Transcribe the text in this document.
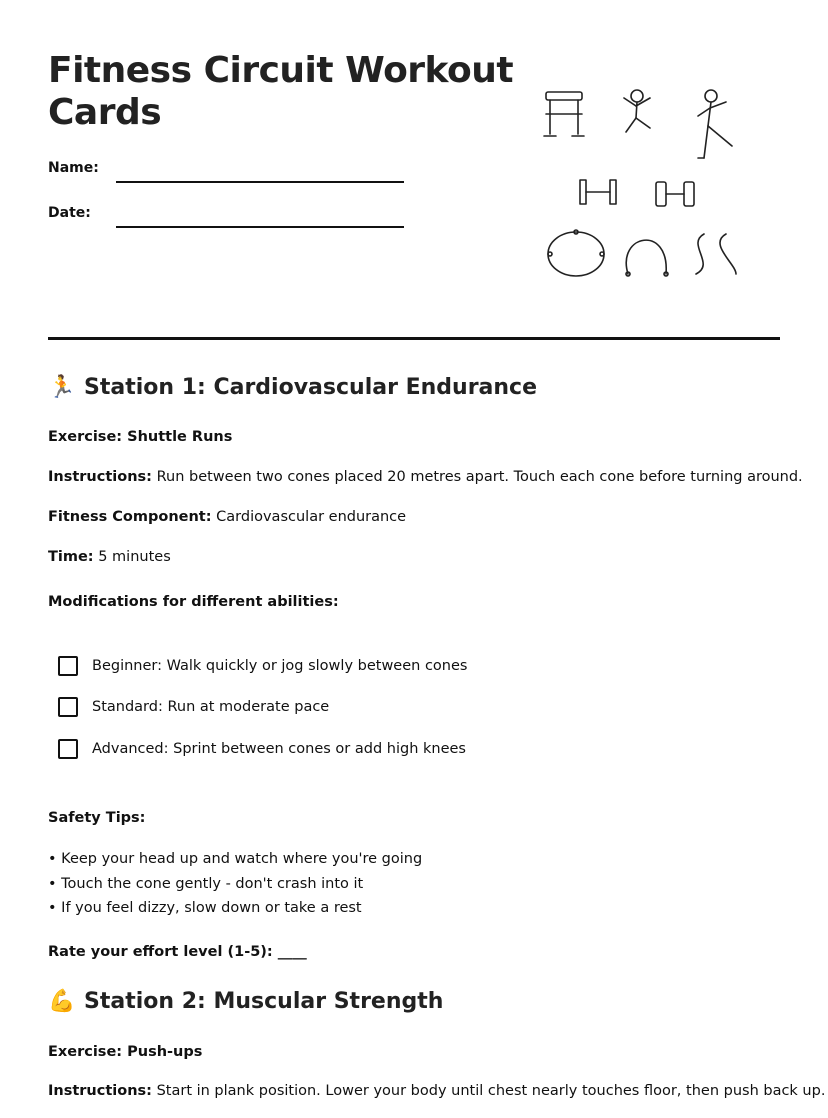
Fitness Circuit Workout Cards
Name:
Date:
🏃 Station 1: Cardiovascular Endurance
Exercise: Shuttle Runs
Instructions: Run between two cones placed 20 metres apart. Touch each cone before turning around.
Fitness Component: Cardiovascular endurance
Time: 5 minutes
Modifications for different abilities:
Beginner: Walk quickly or jog slowly between cones
Standard: Run at moderate pace
Advanced: Sprint between cones or add high knees
Safety Tips:
• Keep your head up and watch where you're going
• Touch the cone gently - don't crash into it
• If you feel dizzy, slow down or take a rest
Rate your effort level (1-5): ____
💪 Station 2: Muscular Strength
Exercise: Push-ups
Instructions: Start in plank position. Lower your body until chest nearly touches floor, then push back up.
